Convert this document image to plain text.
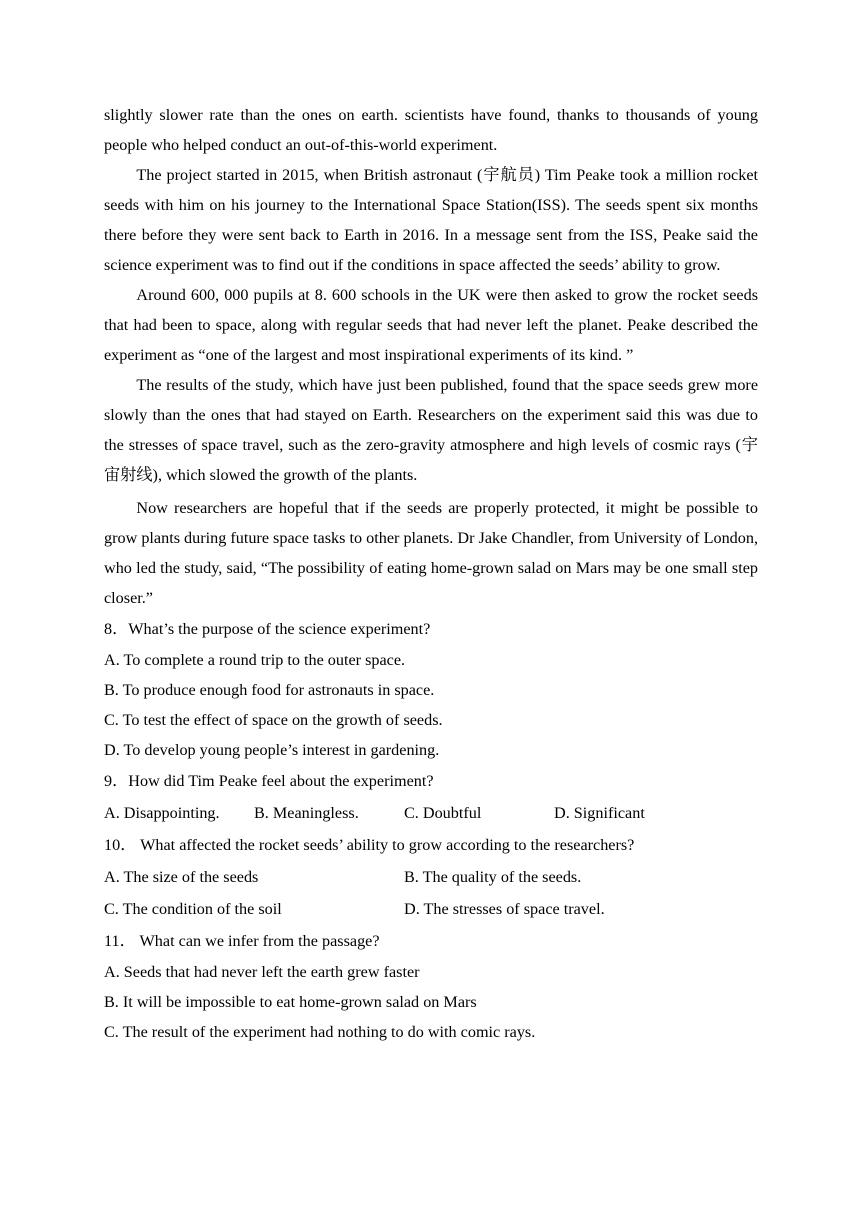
slightly slower rate than the ones on earth. scientists have found, thanks to thousands of young people who helped conduct an out-of-this-world experiment.

The project started in 2015, when British astronaut (宇航员) Tim Peake took a million rocket seeds with him on his journey to the International Space Station(ISS). The seeds spent six months there before they were sent back to Earth in 2016. In a message sent from the ISS, Peake said the science experiment was to find out if the conditions in space affected the seeds’ ability to grow.

Around 600, 000 pupils at 8. 600 schools in the UK were then asked to grow the rocket seeds that had been to space, along with regular seeds that had never left the planet. Peake described the experiment as “one of the largest and most inspirational experiments of its kind. ”

The results of the study, which have just been published, found that the space seeds grew more slowly than the ones that had stayed on Earth. Researchers on the experiment said this was due to the stresses of space travel, such as the zero-gravity atmosphere and high levels of cosmic rays (宇宙射线), which slowed the growth of the plants.

Now researchers are hopeful that if the seeds are properly protected, it might be possible to grow plants during future space tasks to other planets. Dr Jake Chandler, from University of London, who led the study, said, “The possibility of eating home-grown salad on Mars may be one small step closer.”

8．What’s the purpose of the science experiment?

A. To complete a round trip to the outer space.

B. To produce enough food for astronauts in space.

C. To test the effect of space on the growth of seeds.

D. To develop young people’s interest in gardening.

9．How did Tim Peake feel about the experiment?

A. Disappointing.	B. Meaningless.	C. Doubtful	D. Significant

10． What affected the rocket seeds’ ability to grow according to the researchers?

A. The size of the seeds	B. The quality of the seeds.
C. The condition of the soil	D. The stresses of space travel.

11． What can we infer from the passage?

A. Seeds that had never left the earth grew faster

B. It will be impossible to eat home-grown salad on Mars

C. The result of the experiment had nothing to do with comic rays.
